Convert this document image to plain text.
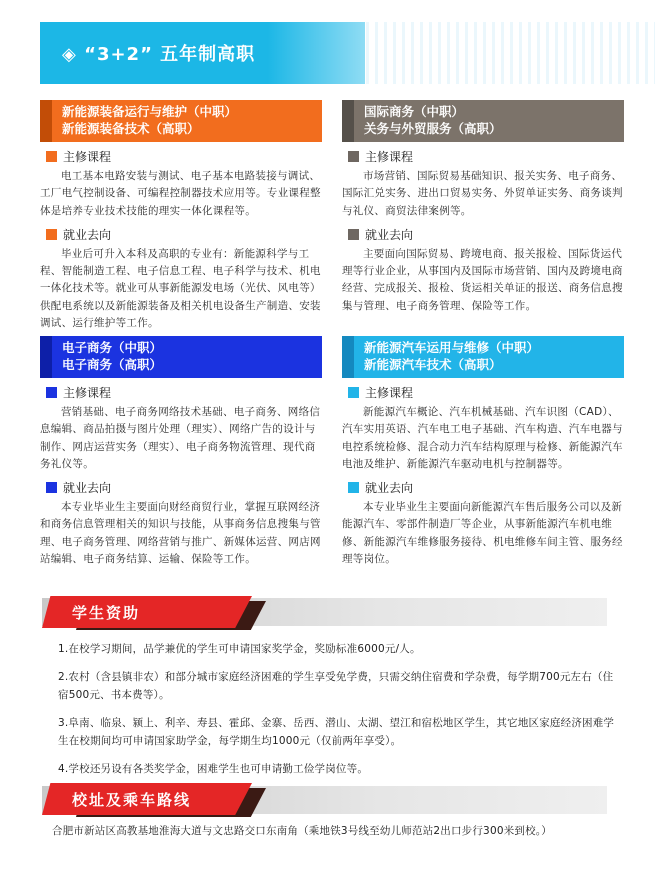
◈ “3+2” 五年制高职
新能源装备运行与维护（中职）
新能源装备技术（高职）
主修课程

电工基本电路安装与测试、电子基本电路装接与调试、工厂电气控制设备、可编程控制器技术应用等。专业课程整体是培养专业技术技能的理实一体化课程等。

就业去向

毕业后可升入本科及高职的专业有：新能源科学与工程、智能制造工程、电子信息工程、电子科学与技术、机电一体化技术等。就业可从事新能源发电场（光伏、风电等）供配电系统以及新能源装备及相关机电设备生产制造、安装调试、运行维护等工作。

国际商务（中职）
关务与外贸服务（高职）
主修课程

市场营销、国际贸易基础知识、报关实务、电子商务、国际汇兑实务、进出口贸易实务、外贸单证实务、商务谈判与礼仪、商贸法律案例等。

就业去向

主要面向国际贸易、跨境电商、报关报检、国际货运代理等行业企业，从事国内及国际市场营销、国内及跨境电商经营、完成报关、报检、货运相关单证的报送、商务信息搜集与管理、电子商务管理、保险等工作。

电子商务（中职）
电子商务（高职）
主修课程

营销基础、电子商务网络技术基础、电子商务、网络信息编辑、商品拍摄与图片处理（理实）、网络广告的设计与制作、网店运营实务（理实）、电子商务物流管理、现代商务礼仪等。

就业去向

本专业毕业生主要面向财经商贸行业，掌握互联网经济和商务信息管理相关的知识与技能，从事商务信息搜集与管理、电子商务管理、网络营销与推广、新媒体运营、网店网站编辑、电子商务结算、运输、保险等工作。

新能源汽车运用与维修（中职）
新能源汽车技术（高职）
主修课程

新能源汽车概论、汽车机械基础、汽车识图（CAD）、汽车实用英语、汽车电工电子基础、汽车构造、汽车电器与电控系统检修、混合动力汽车结构原理与检修、新能源汽车电池及维护、新能源汽车驱动电机与控制器等。

就业去向

本专业毕业生主要面向新能源汽车售后服务公司以及新能源汽车、零部件制造厂等企业，从事新能源汽车机电维修、新能源汽车维修服务接待、机电维修车间主管、服务经理等岗位。

学生资助

1.在校学习期间，品学兼优的学生可申请国家奖学金，奖励标准6000元/人。

2.农村（含县镇非农）和部分城市家庭经济困难的学生享受免学费，只需交纳住宿费和学杂费，每学期700元左右（住宿500元、书本费等）。

3.阜南、临泉、颍上、利辛、寿县、霍邱、金寨、岳西、潜山、太湖、望江和宿松地区学生，其它地区家庭经济困难学生在校期间均可申请国家助学金，每学期生均1000元（仅前两年享受）。

4.学校还另设有各类奖学金，困难学生也可申请勤工俭学岗位等。

校址及乘车路线
合肥市新站区高教基地淮海大道与文忠路交口东南角（乘地铁3号线至幼儿师范站2出口步行300米到校。）
